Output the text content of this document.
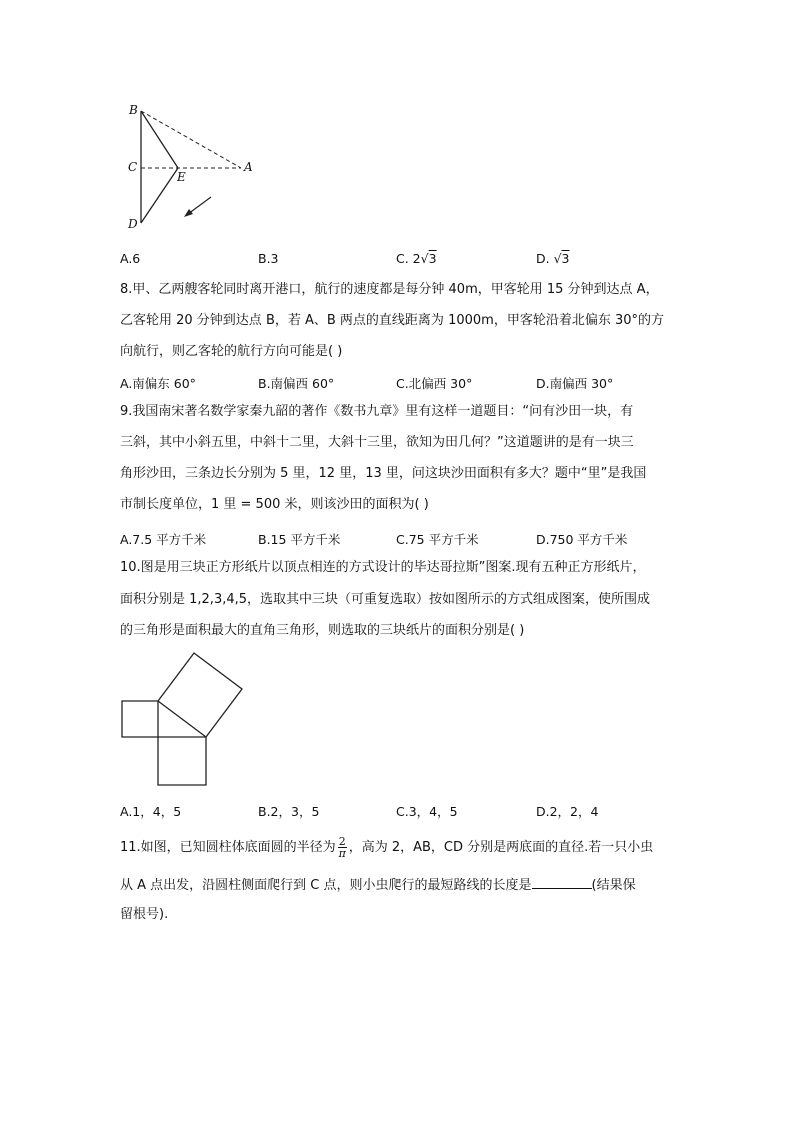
B
C
E
A
D
A.6	B.3	C. 2√3	D. √3
8.甲、乙两艘客轮同时离开港口，航行的速度都是每分钟 40m，甲客轮用 15 分钟到达点 A，
乙客轮用 20 分钟到达点 B，若 A、B 两点的直线距离为 1000m，甲客轮沿着北偏东 30°的方
向航行，则乙客轮的航行方向可能是( )
A.南偏东 60°	B.南偏西 60°	C.北偏西 30°	D.南偏西 30°
9.我国南宋著名数学家秦九韶的著作《数书九章》里有这样一道题目：“问有沙田一块，有
三斜，其中小斜五里，中斜十二里，大斜十三里，欲知为田几何？”这道题讲的是有一块三
角形沙田，三条边长分别为 5 里，12 里，13 里，问这块沙田面积有多大？题中“里”是我国
市制长度单位，1 里 = 500 米，则该沙田的面积为( )
A.7.5 平方千米	B.15 平方千米	C.75 平方千米	D.750 平方千米
10.图是用三块正方形纸片以顶点相连的方式设计的毕达哥拉斯”图案.现有五种正方形纸片，
面积分别是 1,2,3,4,5，选取其中三块（可重复选取）按如图所示的方式组成图案，使所围成
的三角形是面积最大的直角三角形，则选取的三块纸片的面积分别是( )
A.1，4，5	B.2，3，5	C.3，4，5	D.2，2，4
11.如图，已知圆柱体底面圆的半径为 $\frac{2}{\pi}$ ，高为 2，AB，CD 分别是两底面的直径.若一只小虫
从 A 点出发，沿圆柱侧面爬行到 C 点，则小虫爬行的最短路线的长度是	(结果保
留根号).
